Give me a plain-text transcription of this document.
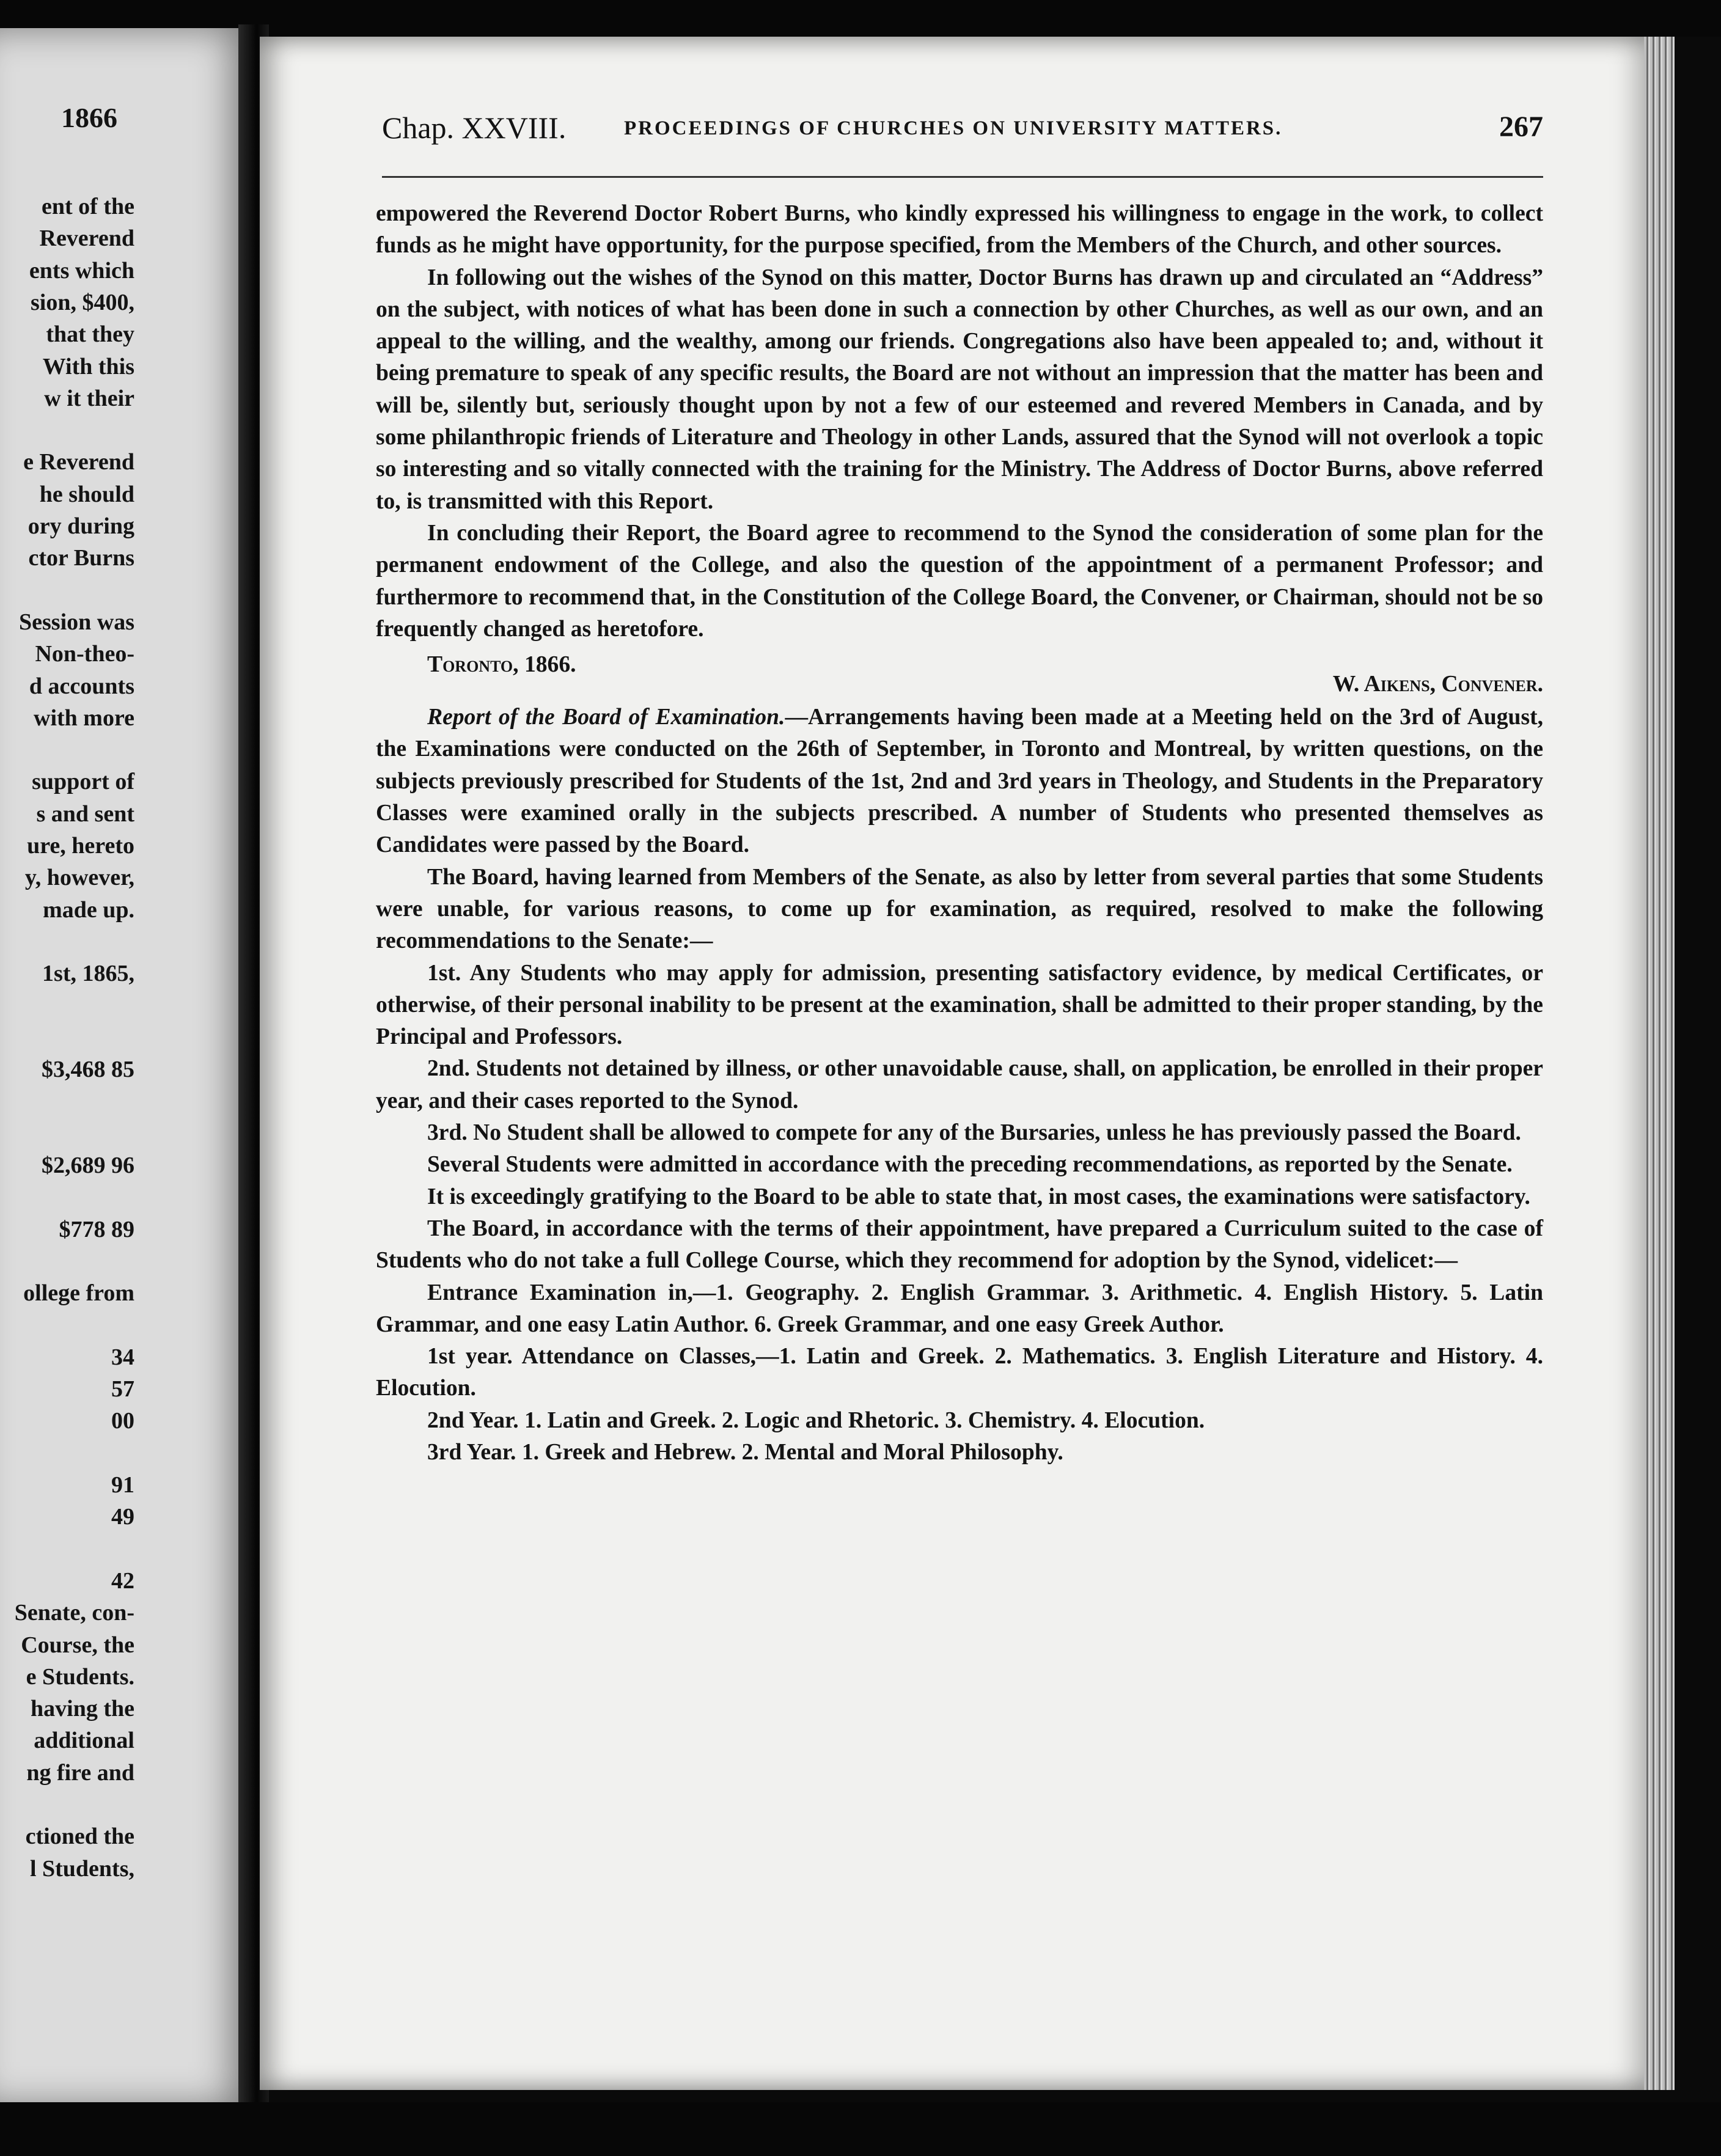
1866
ent of the
Reverend
ents which
sion, $400,
that they
With this
w it their
e Reverend
he should
ory during
ctor Burns
Session was
Non-theo-
d accounts
with more
support of
s and sent
ure, hereto
y, however,
made up.
1st, 1865,
$3,468 85
$2,689 96
$778 89
ollege from
34
57
00
91
49
42
Senate, con-
Course, the
e Students.
having the
additional
ng fire and
ctioned the
l Students,
Chap. XXVIII.	PROCEEDINGS OF CHURCHES ON UNIVERSITY MATTERS.	267

empowered the Reverend Doctor Robert Burns, who kindly expressed his willingness to engage in the work, to collect funds as he might have opportunity, for the purpose specified, from the Members of the Church, and other sources.

In following out the wishes of the Synod on this matter, Doctor Burns has drawn up and circulated an “Address” on the subject, with notices of what has been done in such a connection by other Churches, as well as our own, and an appeal to the willing, and the wealthy, among our friends. Congregations also have been appealed to; and, without it being premature to speak of any specific results, the Board are not without an impression that the matter has been and will be, silently but, seriously thought upon by not a few of our esteemed and revered Members in Canada, and by some philanthropic friends of Literature and Theology in other Lands, assured that the Synod will not overlook a topic so interesting and so vitally connected with the training for the Ministry. The Address of Doctor Burns, above referred to, is transmitted with this Report.

In concluding their Report, the Board agree to recommend to the Synod the consideration of some plan for the permanent endowment of the College, and also the question of the appointment of a permanent Professor; and furthermore to recommend that, in the Constitution of the College Board, the Convener, or Chairman, should not be so frequently changed as heretofore.

Toronto, 1866.
W. Aikens, Convener.

Report of the Board of Examination.—Arrangements having been made at a Meeting held on the 3rd of August, the Examinations were conducted on the 26th of September, in Toronto and Montreal, by written questions, on the subjects previously prescribed for Students of the 1st, 2nd and 3rd years in Theology, and Students in the Preparatory Classes were examined orally in the subjects prescribed. A number of Students who presented themselves as Candidates were passed by the Board.

The Board, having learned from Members of the Senate, as also by letter from several parties that some Students were unable, for various reasons, to come up for examination, as required, resolved to make the following recommendations to the Senate:—

1st. Any Students who may apply for admission, presenting satisfactory evidence, by medical Certificates, or otherwise, of their personal inability to be present at the examination, shall be admitted to their proper standing, by the Principal and Professors.

2nd. Students not detained by illness, or other unavoidable cause, shall, on application, be enrolled in their proper year, and their cases reported to the Synod.

3rd. No Student shall be allowed to compete for any of the Bursaries, unless he has previously passed the Board.

Several Students were admitted in accordance with the preceding recommendations, as reported by the Senate.

It is exceedingly gratifying to the Board to be able to state that, in most cases, the examinations were satisfactory.

The Board, in accordance with the terms of their appointment, have prepared a Curriculum suited to the case of Students who do not take a full College Course, which they recommend for adoption by the Synod, videlicet:—

Entrance Examination in,—1. Geography. 2. English Grammar. 3. Arithmetic. 4. English History. 5. Latin Grammar, and one easy Latin Author. 6. Greek Grammar, and one easy Greek Author.

1st year. Attendance on Classes,—1. Latin and Greek. 2. Mathematics. 3. English Literature and History. 4. Elocution.

2nd Year. 1. Latin and Greek. 2. Logic and Rhetoric. 3. Chemistry. 4. Elocution.

3rd Year. 1. Greek and Hebrew. 2. Mental and Moral Philosophy.
